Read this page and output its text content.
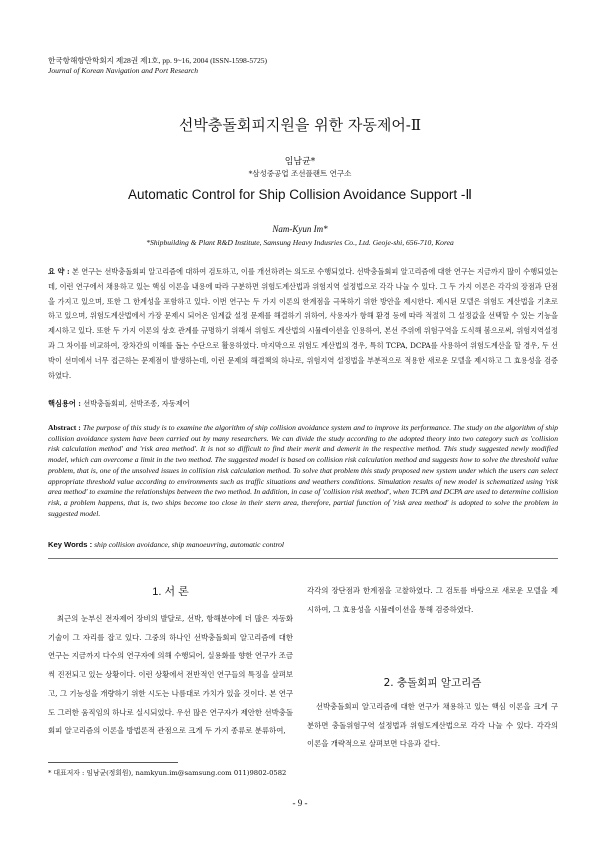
한국항해항만학회지 제28권 제1호, pp. 9~16, 2004 (ISSN-1598-5725)
Journal of Korean Navigation and Port Research
선박충돌회피지원을 위한 자동제어-Ⅱ
임남균*
*삼성중공업 조선플랜트 연구소
Automatic Control for Ship Collision Avoidance Support -Ⅱ
Nam-Kyun Im*
*Shipbuilding & Plant R&D Institute, Samsung Heavy Indusries Co., Ltd. Geoje-shi, 656-710, Korea
요 약 : 본 연구는 선박충돌회피 알고리즘에 대하여 검토하고, 이를 개선하려는 의도로 수행되었다. 선박충돌회피 알고리즘에 대한 연구는 지금까지 많이 수행되었는데, 이런 연구에서 채용하고 있는 핵심 이론을 내용에 따라 구분하면 위험도계산법과 위험지역 설정법으로 각각 나눌 수 있다. 그 두 가지 이론은 각각의 장점과 단점을 가지고 있으며, 또한 그 한계성을 포함하고 있다. 이번 연구는 두 가지 이론의 한계점을 극복하기 위한 방안을 제시한다. 제시된 모델은 위험도 계산법을 기초로 하고 있으며, 위험도계산법에서 가장 문제시 되어온 임계값 설정 문제를 해결하기 위하여, 사용자가 항해 환경 등에 따라 적절히 그 설정값을 선택할 수 있는 기능을 제시하고 있다. 또한 두 가지 이론의 상호 관계를 규명하기 위해서 위험도 계산법의 시뮬레이션을 인용하여, 본선 주위에 위험구역을 도식해 봄으로써, 위험지역설정과 그 차이를 비교하여, 장차간의 이해를 돕는 수단으로 활용하였다. 마지막으로 위험도 계산법의 경우, 특히 TCPA, DCPA를 사용하여 위험도계산을 할 경우, 두 선박이 선미에서 너무 접근하는 문제점이 발생하는데, 이런 문제의 해결책의 하나로, 위험지역 설정법을 부분적으로 적용한 새로운 모델을 제시하고 그 효용성을 검증하였다.
핵심용어 : 선박충돌회피, 선박조종, 자동제어
Abstract : The purpose of this study is to examine the algorithm of ship collision avoidance system and to improve its performance. The study on the algorithm of ship collision avoidance system have been carried out by many researchers. We can divide the study according to the adopted theory into two category such as 'collision risk calculation method' and 'risk area method'. It is not so difficult to find their merit and demerit in the respective method. This study suggested newly modified model, which can overcome a limit in the two method. The suggested model is based on collision risk calculation method and suggests how to solve the threshold value problem, that is, one of the unsolved issues in collision risk calculation method. To solve that problem this study proposed new system under which the users can select appropriate threshold value according to environments such as traffic situations and weathers conditions. Simulation results of new model is schematized using 'risk area method' to examine the relationships between the two method. In addition, in case of 'collision risk method', when TCPA and DCPA are used to determine collision risk, a problem happens, that is, two ships become too close in their stern area, therefore, partial function of 'risk area method' is adopted to solve the problem in suggested model.
Key Words : ship collision avoidance, ship manoeuvring, automatic control
1. 서 론

최근의 눈부신 전자제어 장비의 발달로, 선박, 항해분야에 더 많은 자동화 기술이 그 자리를 잡고 있다. 그중의 하나인 선박충돌회피 알고리즘에 대한 연구는 지금까지 다수의 연구자에 의해 수행되어, 실용화를 향한 연구가 조금씩 진전되고 있는 상황이다. 이런 상황에서 전반적인 연구들의 특징을 살펴보고, 그 기능성을 개량하기 위한 시도는 나름대로 가치가 있을 것이다. 본 연구도 그러한 움직임의 하나로 실시되었다. 우선 많은 연구자가 제안한 선박충돌회피 알고리즘의 이론을 방법론적 관점으로 크게 두 가지 종류로 분류하여,

각각의 장단점과 한계점을 고찰하였다. 그 검토를 바탕으로 새로운 모델을 제시하여, 그 효용성을 시뮬레이션을 통해 검증하였다.

2. 충돌회피 알고리즘

선박충돌회피 알고리즘에 대한 연구가 채용하고 있는 핵심 이론을 크게 구분하면 충돌위험구역 설정법과 위험도계산법으로 각각 나눌 수 있다. 각각의 이론을 개략적으로 살펴보면 다음과 같다.

* 대표저자 : 임남균(정회원), namkyun.im@samsung.com 011)9802-0582
- 9 -
